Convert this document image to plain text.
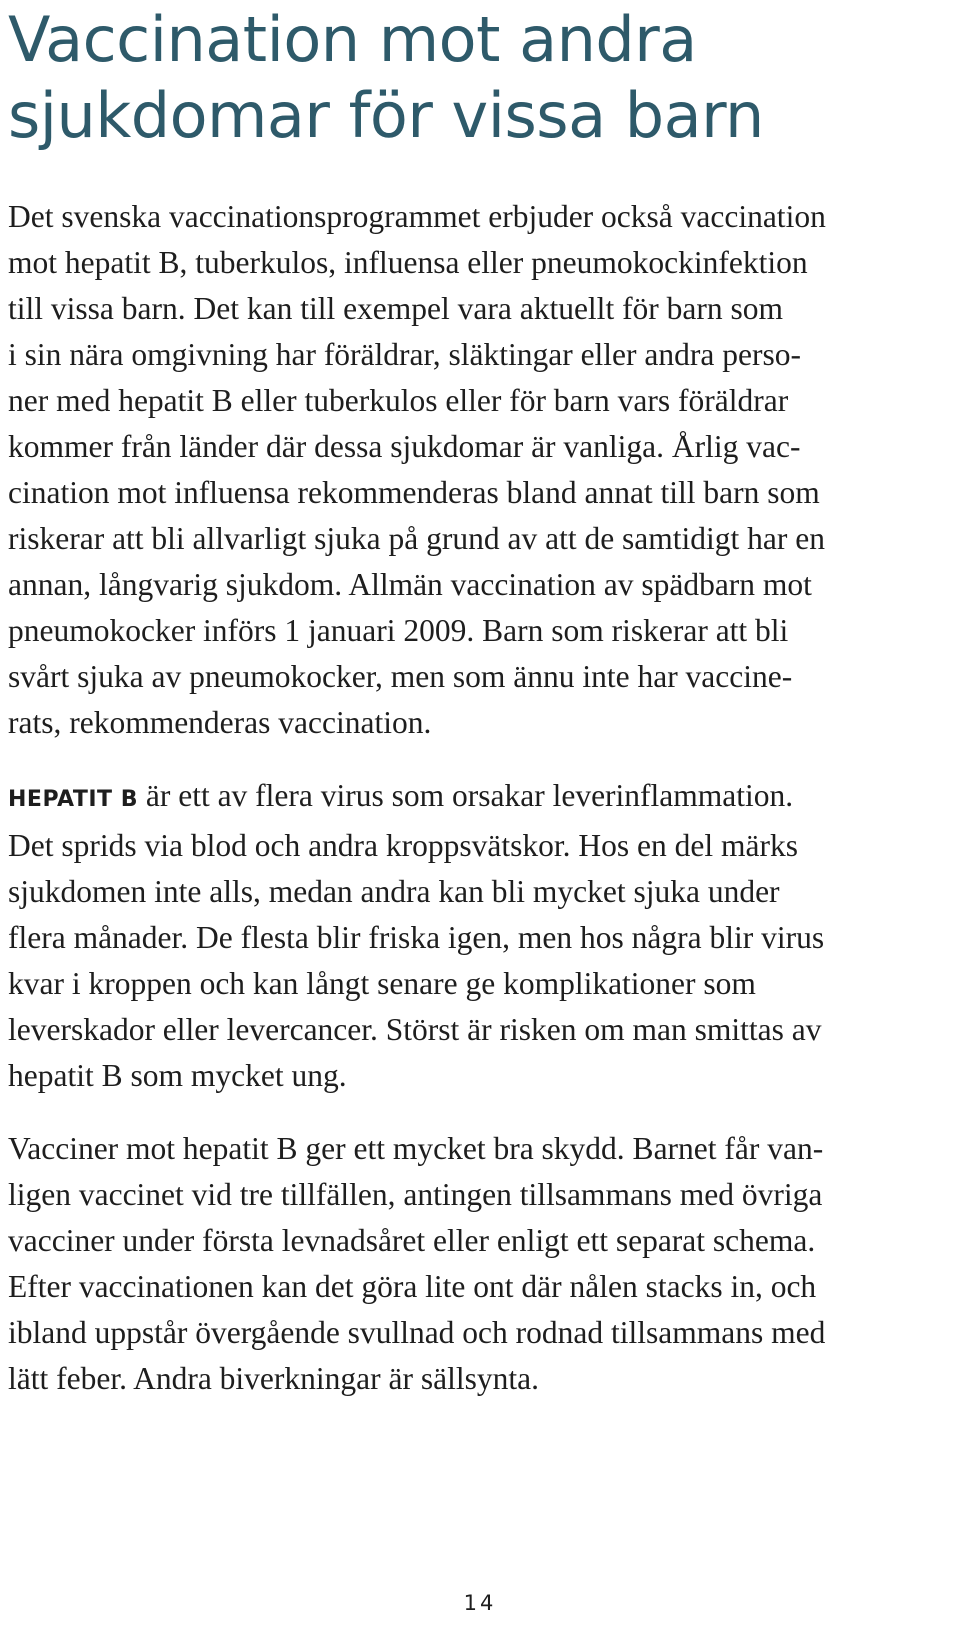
Vaccination mot andra
sjukdomar för vissa barn

Det svenska vaccinationsprogrammet erbjuder också vaccination
mot hepatit B, tuberkulos, influensa eller pneumokockinfektion
till vissa barn. Det kan till exempel vara aktuellt för barn som
i sin nära omgivning har föräldrar, släktingar eller andra perso-
ner med hepatit B eller tuberkulos eller för barn vars föräldrar
kommer från länder där dessa sjukdomar är vanliga. Årlig vac-
cination mot influensa rekommenderas bland annat till barn som
riskerar att bli allvarligt sjuka på grund av att de samtidigt har en
annan, långvarig sjukdom. Allmän vaccination av spädbarn mot
pneumokocker införs 1 januari 2009. Barn som riskerar att bli
svårt sjuka av pneumokocker, men som ännu inte har vaccine-
rats, rekommenderas vaccination.

HEPATIT B är ett av flera virus som orsakar leverinflammation.
Det sprids via blod och andra kroppsvätskor. Hos en del märks
sjukdomen inte alls, medan andra kan bli mycket sjuka under
flera månader. De flesta blir friska igen, men hos några blir virus
kvar i kroppen och kan långt senare ge komplikationer som
leverskador eller levercancer. Störst är risken om man smittas av
hepatit B som mycket ung.

Vacciner mot hepatit B ger ett mycket bra skydd. Barnet får van-
ligen vaccinet vid tre tillfällen, antingen tillsammans med övriga
vacciner under första levnadsåret eller enligt ett separat schema.
Efter vaccinationen kan det göra lite ont där nålen stacks in, och
ibland uppstår övergående svullnad och rodnad tillsammans med
lätt feber. Andra biverkningar är sällsynta.

14
